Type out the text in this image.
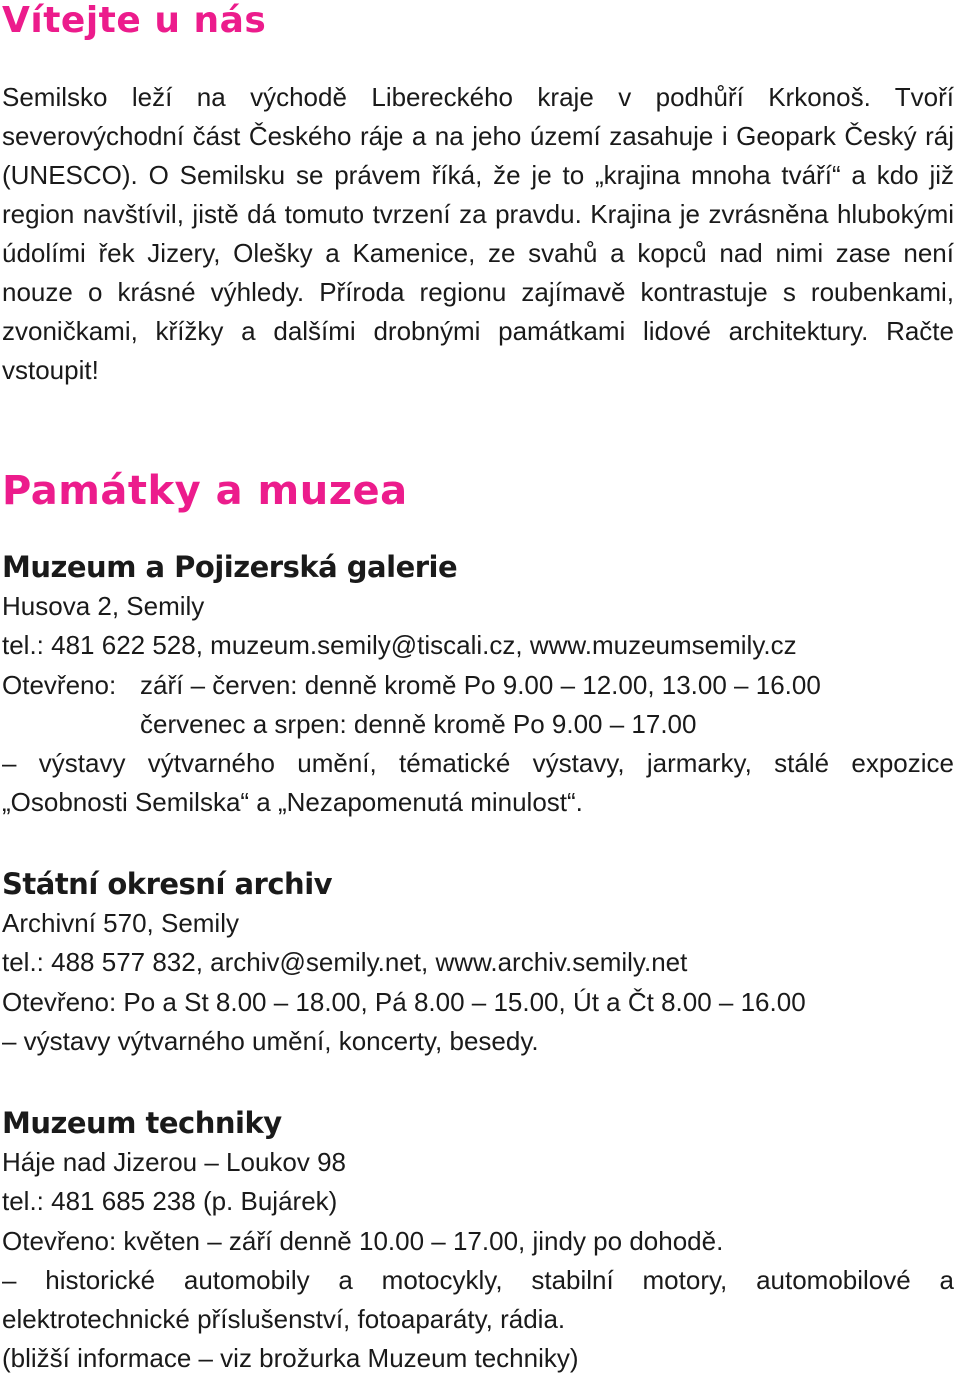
Vítejte u nás

Semilsko leží na východě Libereckého kraje v podhůří Krkonoš. Tvoří severovýchodní část Českého ráje a na jeho území zasahuje i Geopark Český ráj (UNESCO). O Semilsku se právem říká, že je to „krajina mnoha tváří“ a kdo již region navštívil, jistě dá tomuto tvrzení za pravdu. Krajina je zvrásněna hlubokými údolími řek Jizery, Olešky a Kamenice, ze svahů a kopců nad nimi zase není nouze o krásné výhledy. Příroda regionu zajímavě kontrastuje s roubenkami, zvoničkami, křížky a dalšími drobnými památkami lidové architektury. Račte vstoupit!

Památky a muzea
Muzeum a Pojizerská galerie

Husova 2, Semily

tel.: 481 622 528, muzeum.semily@tiscali.cz, www.muzeumsemily.cz

Otevřeno: září – červen: denně kromě Po 9.00 – 12.00, 13.00 – 16.00
červenec a srpen: denně kromě Po 9.00 – 17.00

– výstavy výtvarného umění, tématické výstavy, jarmarky, stálé expozice „Osobnosti Semilska“ a „Nezapomenutá minulost“.

Státní okresní archiv

Archivní 570, Semily

tel.: 488 577 832, archiv@semily.net, www.archiv.semily.net

Otevřeno: Po a St 8.00 – 18.00, Pá 8.00 – 15.00, Út a Čt 8.00 – 16.00

– výstavy výtvarného umění, koncerty, besedy.

Muzeum techniky

Háje nad Jizerou – Loukov 98

tel.: 481 685 238 (p. Bujárek)

Otevřeno: květen – září denně 10.00 – 17.00, jindy po dohodě.

– historické automobily a motocykly, stabilní motory, automobilové a elektrotechnické příslušenství, fotoaparáty, rádia.

(bližší informace – viz brožurka Muzeum techniky)
